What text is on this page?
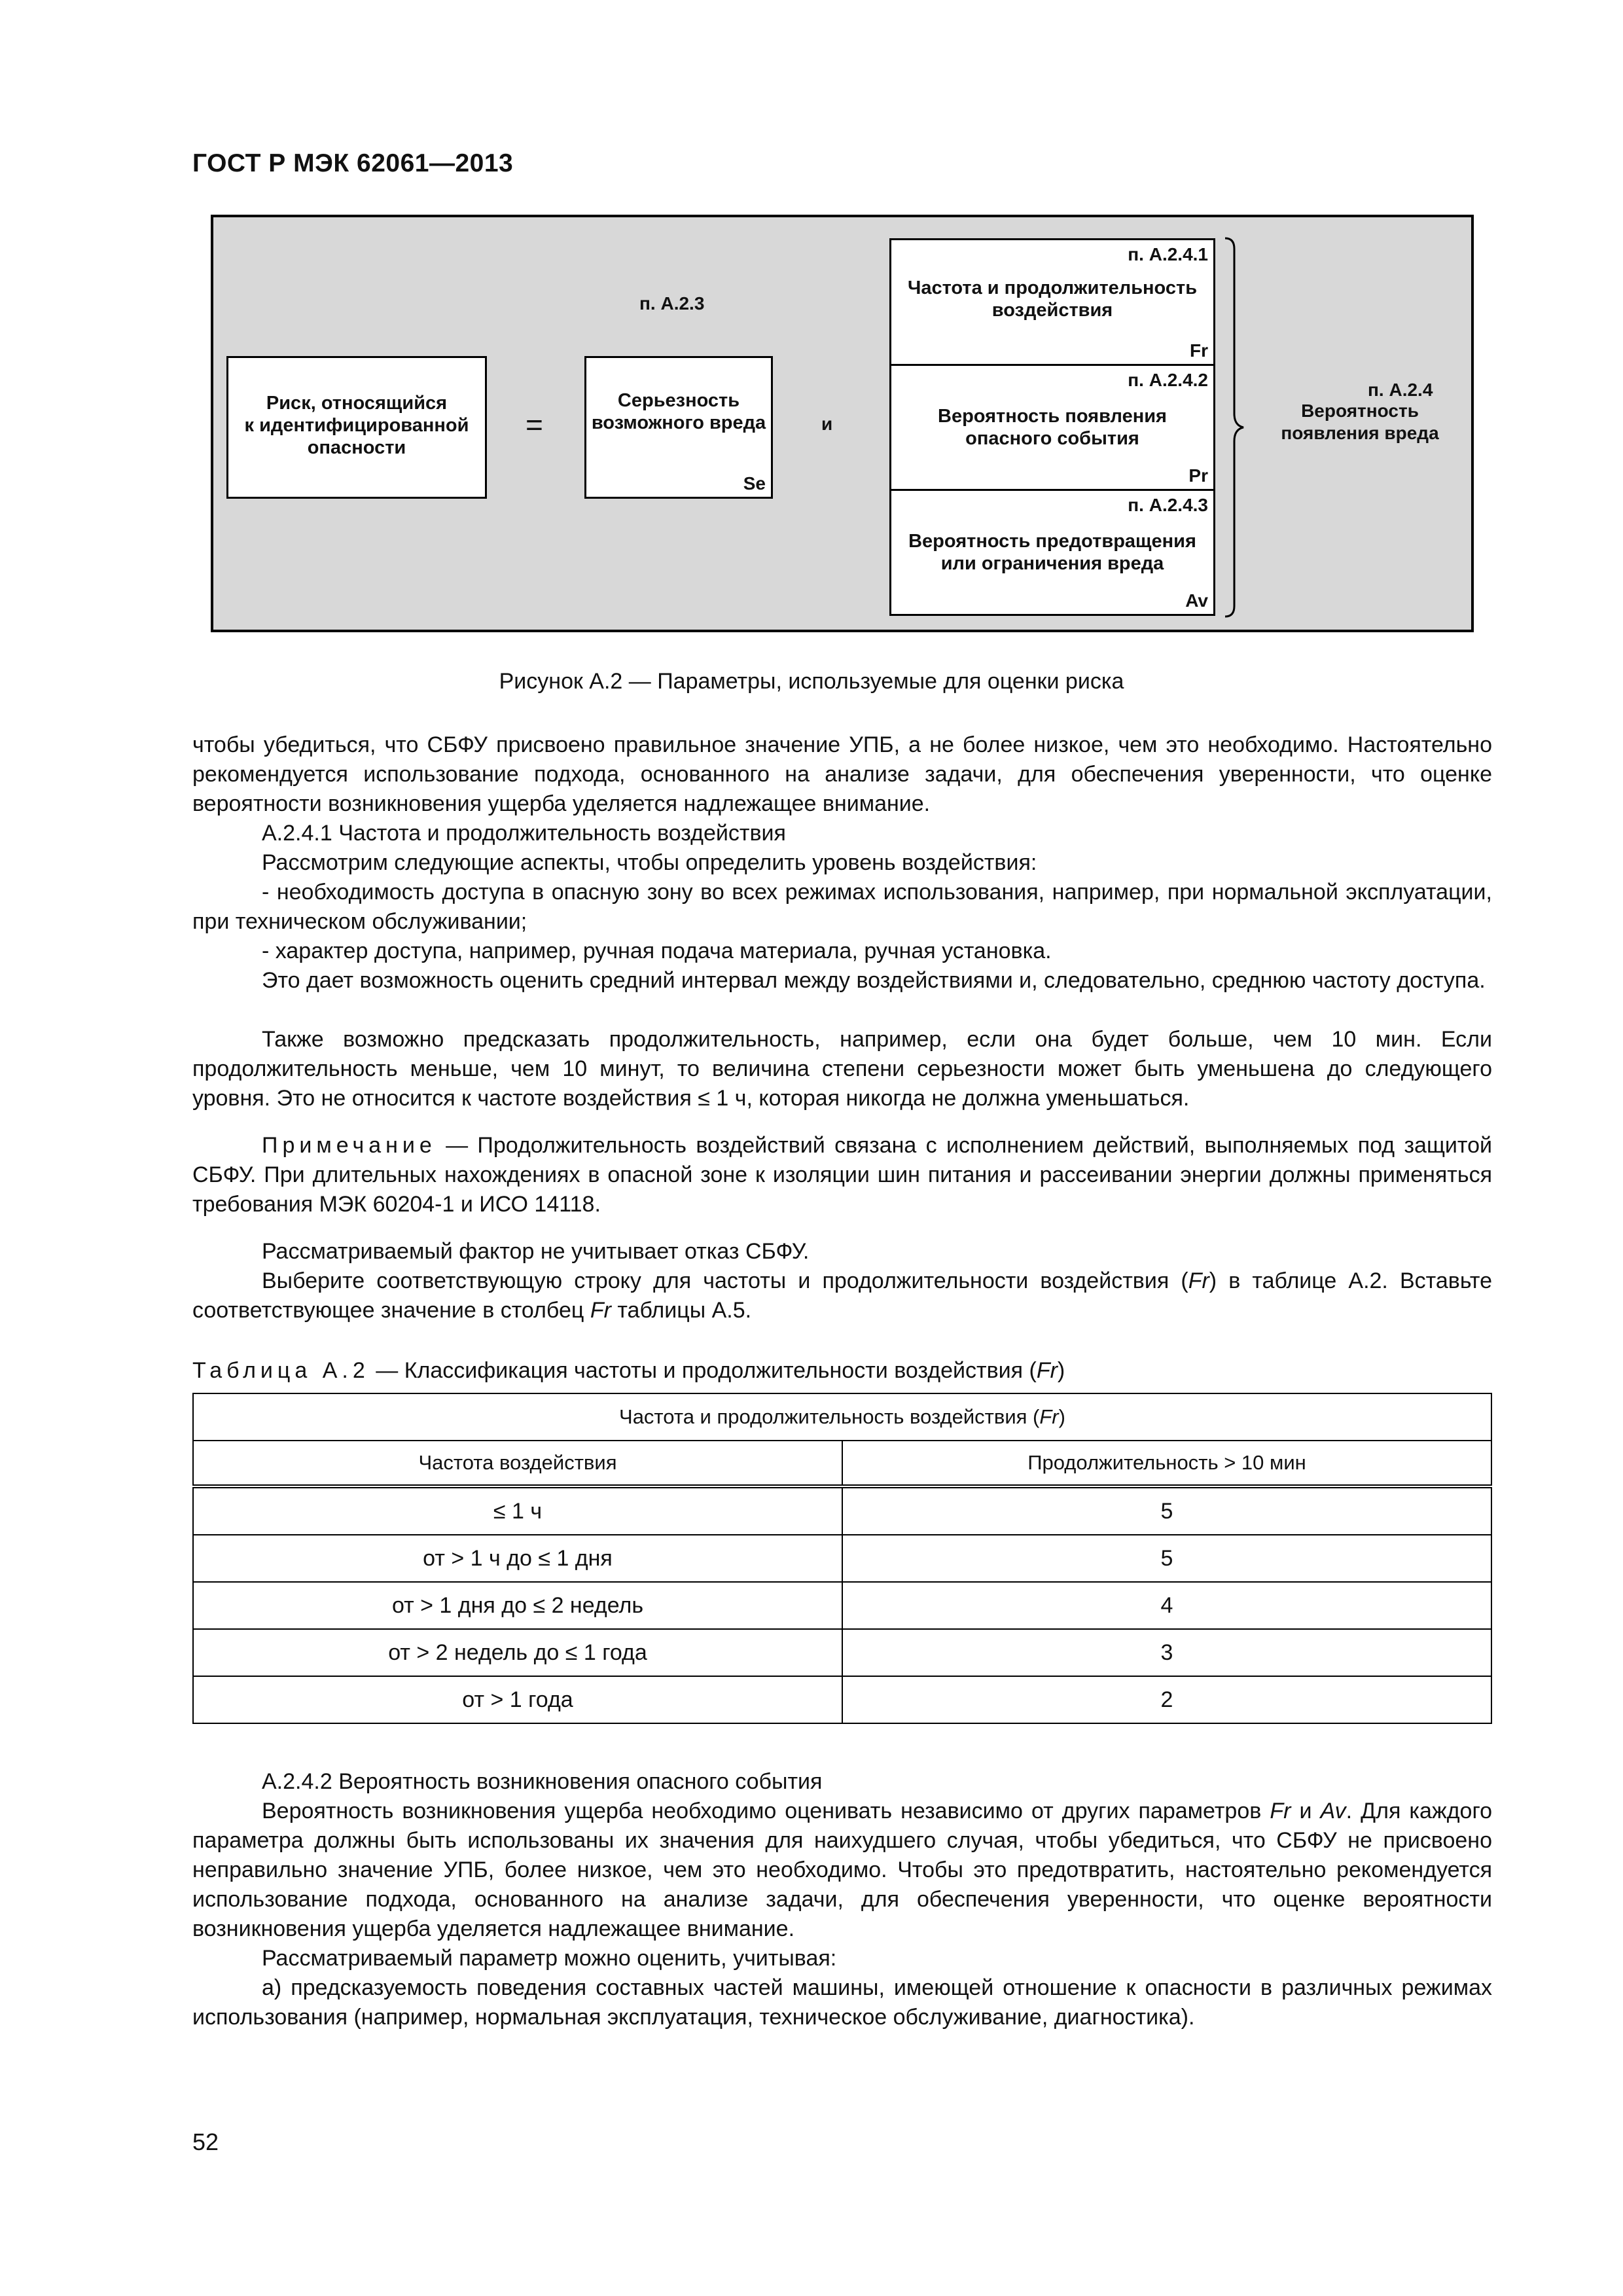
ГОСТ Р МЭК 62061—2013
Риск, относящийся
к идентифицированной
опасности
=
п. А.2.3
Серьезность
возможного вреда
Se
и
п. А.2.4.1
Частота и продолжительность
воздействия
Fr
п. А.2.4.2
Вероятность появления
опасного события
Pr
п. А.2.4.3
Вероятность предотвращения
или ограничения вреда
Av
п. А.2.4
Вероятность
появления вреда
Рисунок А.2 — Параметры, используемые для оценки риска
чтобы убедиться, что СБФУ присвоено правильное значение УПБ, а не более низкое, чем это необходимо. Настоятельно рекомендуется использование подхода, основанного на анализе задачи, для обеспечения уверенности, что оценке вероятности возникновения ущерба уделяется надлежащее внимание.
А.2.4.1 Частота и продолжительность воздействия
Рассмотрим следующие аспекты, чтобы определить уровень воздействия:
- необходимость доступа в опасную зону во всех режимах использования, например, при нормальной эксплуатации, при техническом обслуживании;
- характер доступа, например, ручная подача материала, ручная установка.
Это дает возможность оценить средний интервал между воздействиями и, следовательно, среднюю частоту доступа.
Также возможно предсказать продолжительность, например, если она будет больше, чем 10 мин. Если продолжительность меньше, чем 10 минут, то величина степени серьезности может быть уменьшена до следующего уровня. Это не относится к частоте воздействия ≤ 1 ч, которая никогда не должна уменьшаться.
Примечание — Продолжительность воздействий связана с исполнением действий, выполняемых под защитой СБФУ. При длительных нахождениях в опасной зоне к изоляции шин питания и рассеивании энергии должны применяться требования МЭК 60204-1 и ИСО 14118.
Рассматриваемый фактор не учитывает отказ СБФУ.
Выберите соответствующую строку для частоты и продолжительности воздействия (Fr) в таблице А.2. Вставьте соответствующее значение в столбец Fr таблицы А.5.
Таблица А.2 — Классификация частоты и продолжительности воздействия (Fr)
Частота и продолжительность воздействия (Fr)	
Частота воздействия	Продолжительность > 10 мин
≤ 1 ч	5
от > 1 ч до ≤ 1 дня	5
от > 1 дня до ≤ 2 недель	4
от > 2 недель до ≤ 1 года	3
от > 1 года	2
А.2.4.2 Вероятность возникновения опасного события
Вероятность возникновения ущерба необходимо оценивать независимо от других параметров Fr и Av. Для каждого параметра должны быть использованы их значения для наихудшего случая, чтобы убедиться, что СБФУ не присвоено неправильно значение УПБ, более низкое, чем это необходимо. Чтобы это предотвратить, настоятельно рекомендуется использование подхода, основанного на анализе задачи, для обеспечения уверенности, что оценке вероятности возникновения ущерба уделяется надлежащее внимание.
Рассматриваемый параметр можно оценить, учитывая:
а) предсказуемость поведения составных частей машины, имеющей отношение к опасности в различных режимах использования (например, нормальная эксплуатация, техническое обслуживание, диагностика).
52
